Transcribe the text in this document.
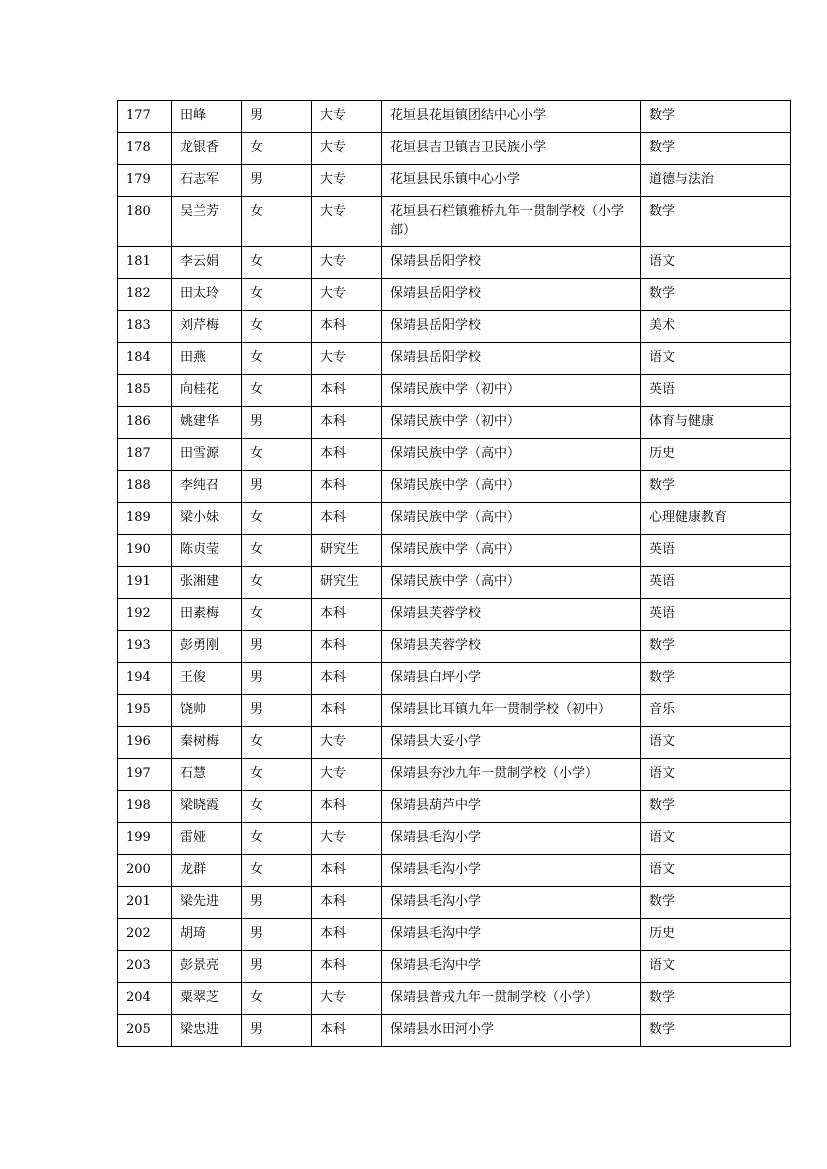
177	田峰	男	大专	花垣县花垣镇团结中心小学	数学
178	龙银香	女	大专	花垣县吉卫镇吉卫民族小学	数学
179	石志军	男	大专	花垣县民乐镇中心小学	道德与法治
180	吴兰芳	女	大专	花垣县石栏镇雅桥九年一贯制学校（小学部）	数学
181	李云娟	女	大专	保靖县岳阳学校	语文
182	田太玲	女	大专	保靖县岳阳学校	数学
183	刘芹梅	女	本科	保靖县岳阳学校	美术
184	田燕	女	大专	保靖县岳阳学校	语文
185	向桂花	女	本科	保靖民族中学（初中）	英语
186	姚建华	男	本科	保靖民族中学（初中）	体育与健康
187	田雪源	女	本科	保靖民族中学（高中）	历史
188	李纯召	男	本科	保靖民族中学（高中）	数学
189	梁小妹	女	本科	保靖民族中学（高中）	心理健康教育
190	陈贞莹	女	研究生	保靖民族中学（高中）	英语
191	张湘建	女	研究生	保靖民族中学（高中）	英语
192	田素梅	女	本科	保靖县芙蓉学校	英语
193	彭勇刚	男	本科	保靖县芙蓉学校	数学
194	王俊	男	本科	保靖县白坪小学	数学
195	饶帅	男	本科	保靖县比耳镇九年一贯制学校（初中）	音乐
196	秦树梅	女	大专	保靖县大妥小学	语文
197	石慧	女	大专	保靖县夯沙九年一贯制学校（小学）	语文
198	梁晓霞	女	本科	保靖县葫芦中学	数学
199	雷娅	女	大专	保靖县毛沟小学	语文
200	龙群	女	本科	保靖县毛沟小学	语文
201	梁先进	男	本科	保靖县毛沟小学	数学
202	胡琦	男	本科	保靖县毛沟中学	历史
203	彭景亮	男	本科	保靖县毛沟中学	语文
204	粟翠芝	女	大专	保靖县普戎九年一贯制学校（小学）	数学
205	梁忠进	男	本科	保靖县水田河小学	数学
